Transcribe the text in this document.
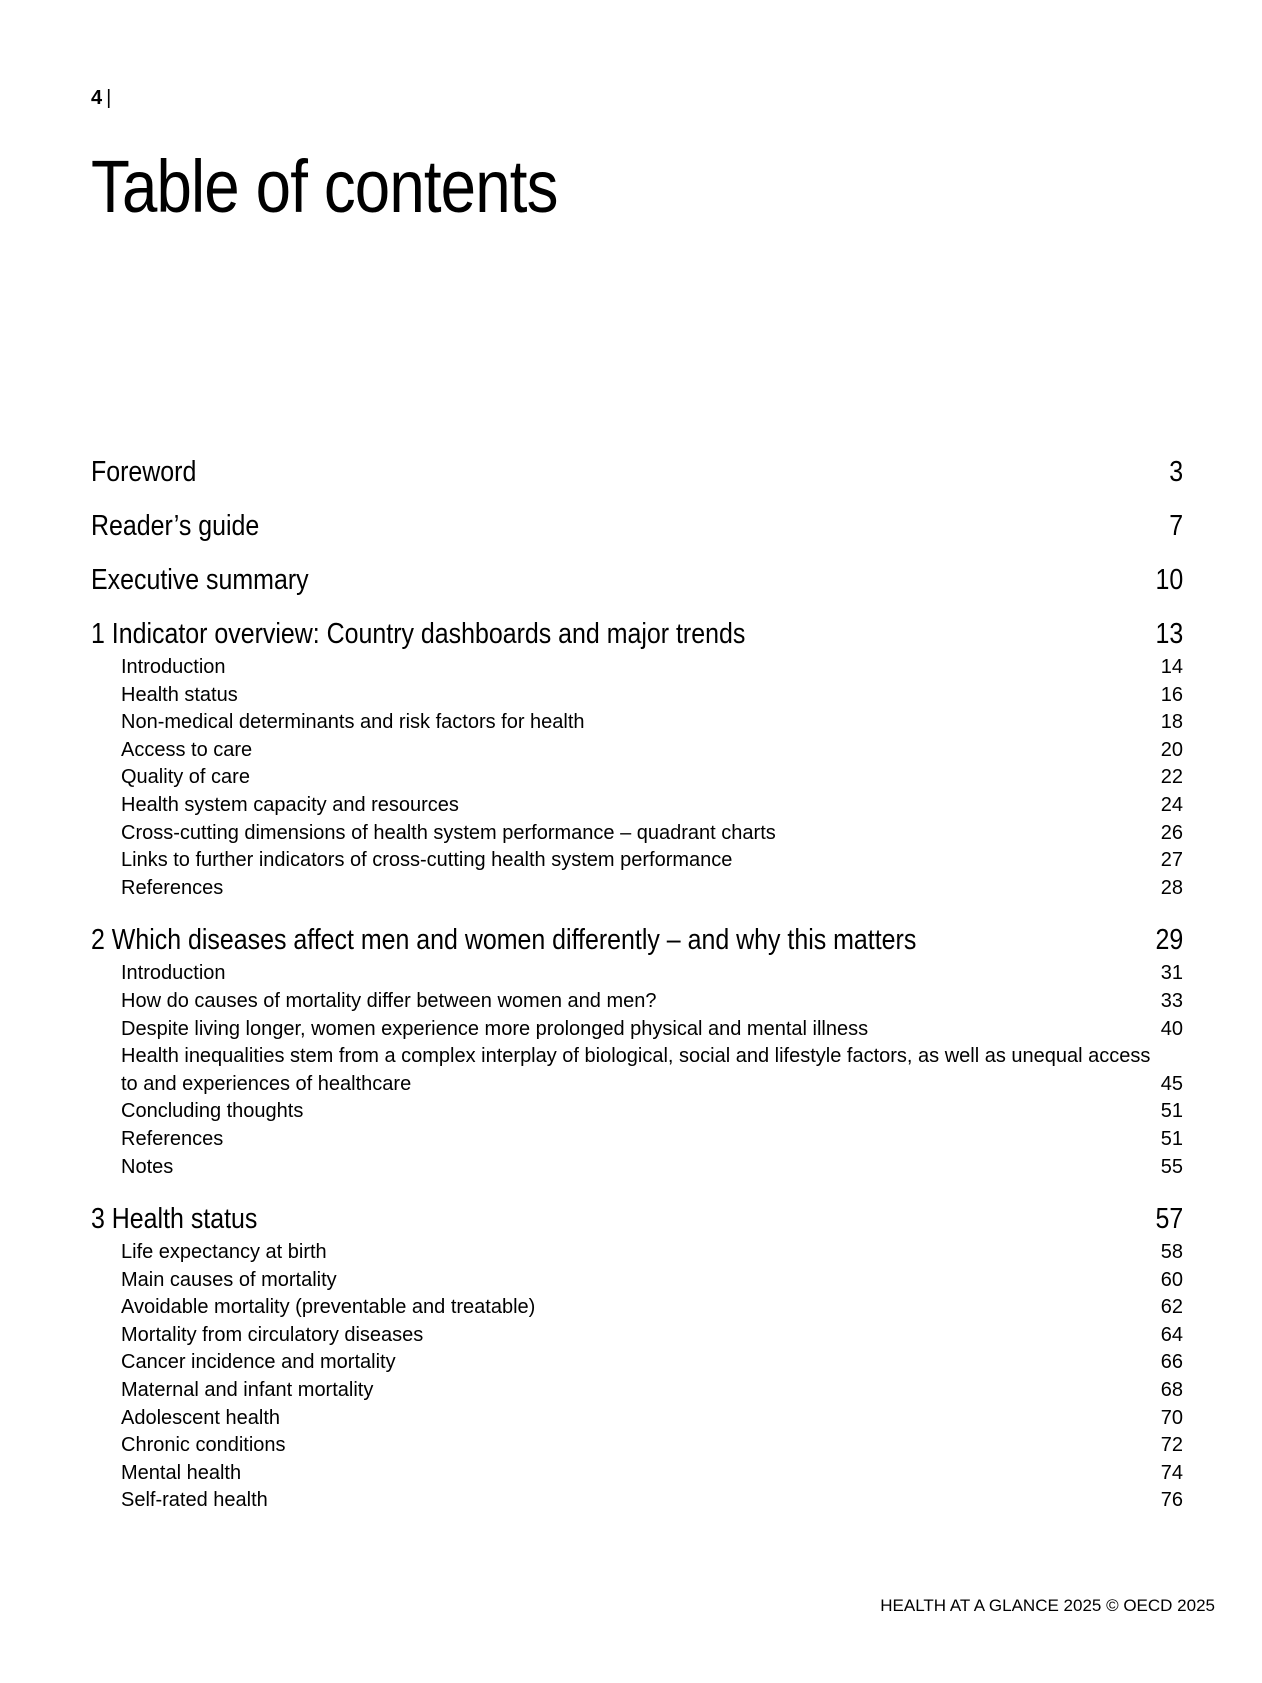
4 |
Table of contents
Foreword	3
Reader’s guide	7
Executive summary	10
1 Indicator overview: Country dashboards and major trends	13
Introduction	14
Health status	16
Non-medical determinants and risk factors for health	18
Access to care	20
Quality of care	22
Health system capacity and resources	24
Cross-cutting dimensions of health system performance – quadrant charts	26
Links to further indicators of cross-cutting health system performance	27
References	28
2 Which diseases affect men and women differently – and why this matters	29
Introduction	31
How do causes of mortality differ between women and men?	33
Despite living longer, women experience more prolonged physical and mental illness	40
Health inequalities stem from a complex interplay of biological, social and lifestyle factors, as well as unequal access to and experiences of healthcare	45
Concluding thoughts	51
References	51
Notes	55
3 Health status	57
Life expectancy at birth	58
Main causes of mortality	60
Avoidable mortality (preventable and treatable)	62
Mortality from circulatory diseases	64
Cancer incidence and mortality	66
Maternal and infant mortality	68
Adolescent health	70
Chronic conditions	72
Mental health	74
Self-rated health	76
HEALTH AT A GLANCE 2025 © OECD 2025
